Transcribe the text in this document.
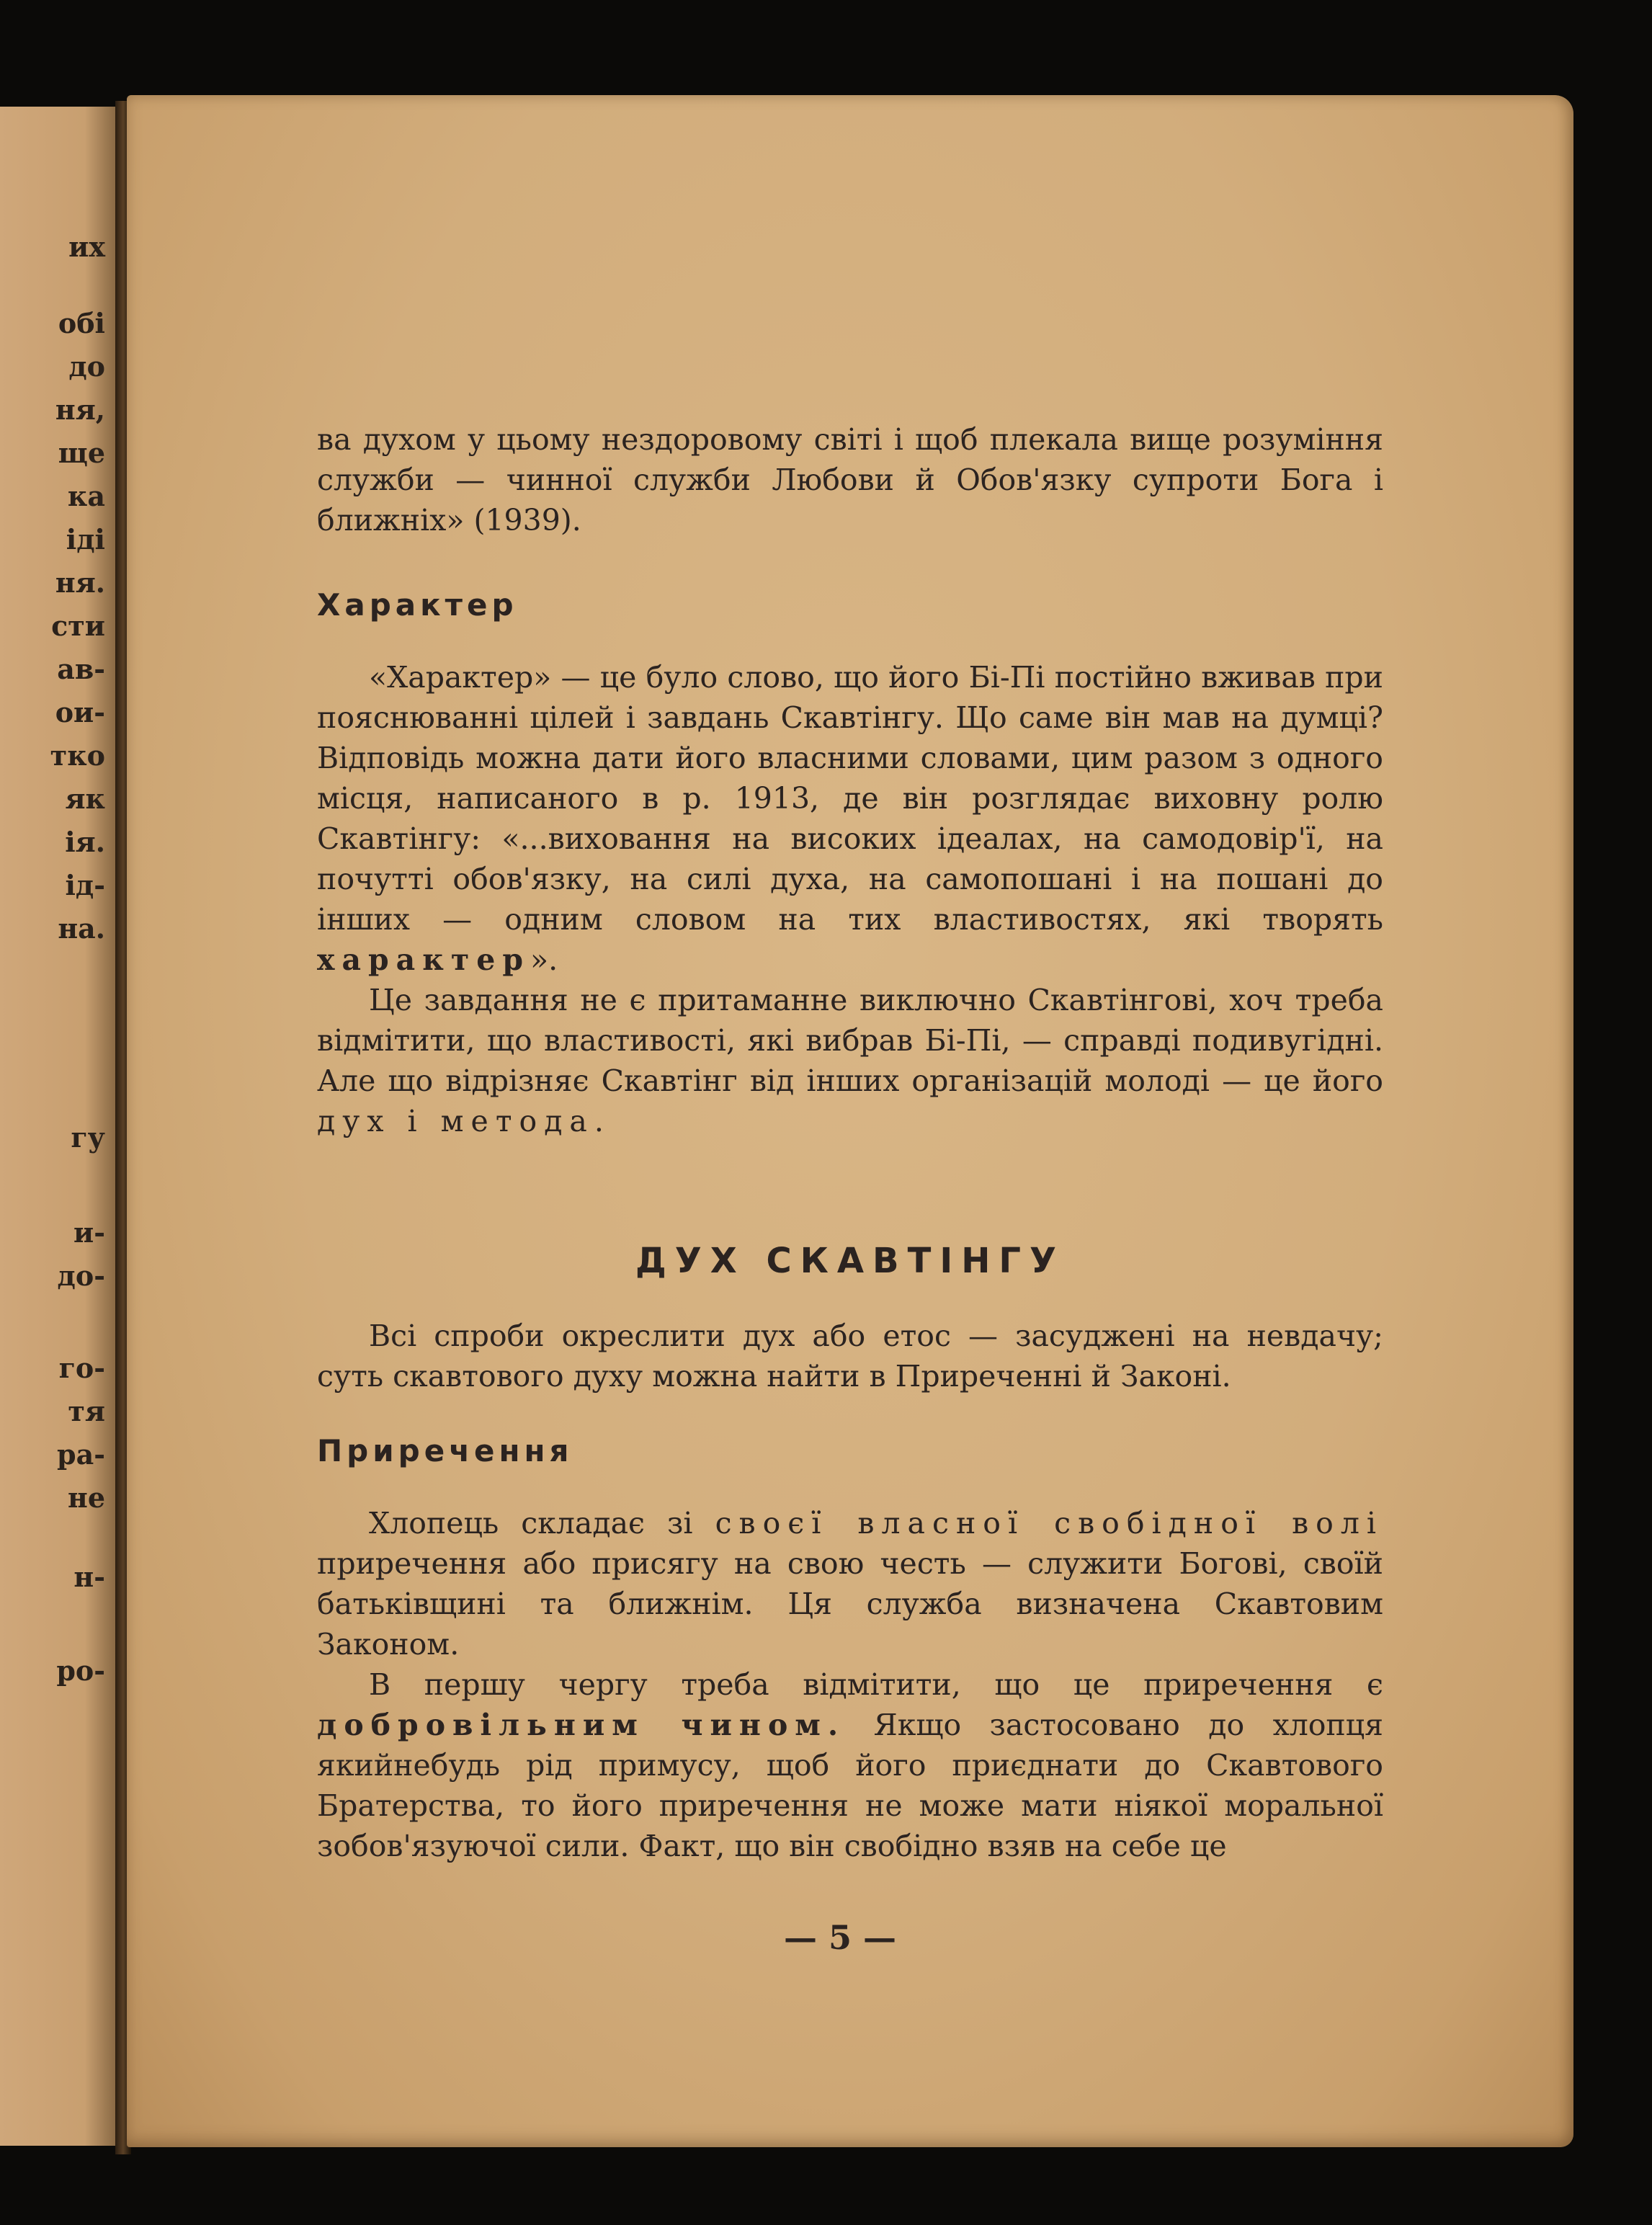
их
обі
до
ня,
ще
ка
іді
ня.
сти
ав-
ои-
тко
як
ія.
ід-
на.
гу
и-
до-
го-
тя
ра-
не
н-
ро-

ва духом у цьому нездоровому світі і щоб плекала вище розуміння служби — чинної служби Любови й Обов'язку супроти Бога і ближніх» (1939).

Характер

«Характер» — це було слово, що його Бі-Пі постійно вживав при пояснюванні цілей і завдань Скавтінгу. Що саме він мав на думці? Відповідь можна дати його власними словами, цим разом з одного місця, написаного в р. 1913, де він розглядає виховну ролю Скавтінгу: «...виховання на високих ідеалах, на самодовір'ї, на почутті обов'язку, на силі духа, на самопошані і на пошані до інших — одним словом на тих властивостях, які творять характер».

Це завдання не є притаманне виключно Скавтінгові, хоч треба відмітити, що властивості, які вибрав Бі-Пі, — справді подивугідні. Але що відрізняє Скавтінг від інших організацій молоді — це його дух і метода.

ДУХ СКАВТІНГУ

Всі спроби окреслити дух або етос — засуджені на невдачу; суть скавтового духу можна найти в Приреченні й Законі.

Приречення

Хлопець складає зі своєї власної свобідної волі приречення або присягу на свою честь — служити Богові, своїй батьківщині та ближнім. Ця служба визначена Скавтовим Законом.

В першу чергу треба відмітити, що це приречення є добровільним чином. Якщо застосовано до хлопця якийнебудь рід примусу, щоб його приєднати до Скавтового Братерства, то його приречення не може мати ніякої моральної зобов'язуючої сили. Факт, що він свобідно взяв на себе це

— 5 —
